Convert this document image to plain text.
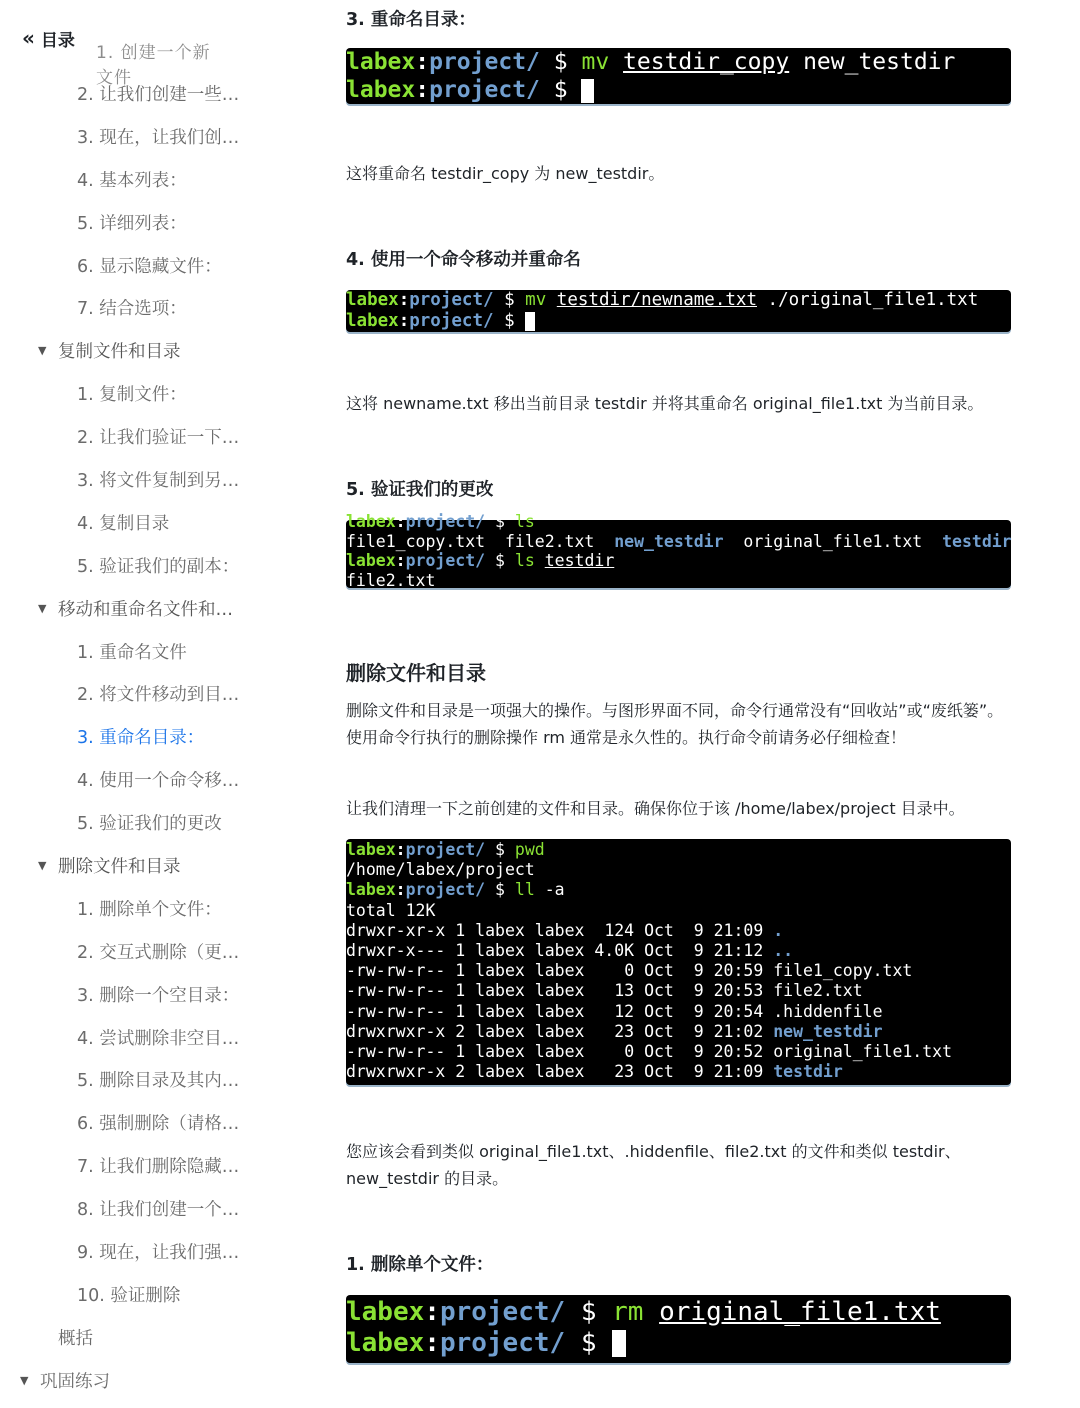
« 目录
1. 创建一个新文件
2. 让我们创建一些…
3. 现在，让我们创…
4. 基本列表：
5. 详细列表：
6. 显示隐藏文件：
7. 结合选项：
▼ 复制文件和目录
1. 复制文件：
2. 让我们验证一下…
3. 将文件复制到另…
4. 复制目录
5. 验证我们的副本：
▼ 移动和重命名文件和…
1. 重命名文件
2. 将文件移动到目…
3. 重命名目录：
4. 使用一个命令移…
5. 验证我们的更改
▼ 删除文件和目录
1. 删除单个文件：
2. 交互式删除（更…
3. 删除一个空目录：
4. 尝试删除非空目…
5. 删除目录及其内…
6. 强制删除（请格…
7. 让我们删除隐藏…
8. 让我们创建一个…
9. 现在，让我们强…
10. 验证删除
概括
▼ 巩固练习
3. 重命名目录：
labex:project/ $ mv testdir_copy new_testdir
labex:project/ $
这将重命名 testdir_copy 为 new_testdir。
4. 使用一个命令移动并重命名
labex:project/ $ mv testdir/newname.txt ./original_file1.txt
labex:project/ $
这将 newname.txt 移出当前目录 testdir 并将其重命名 original_file1.txt 为当前目录。
5. 验证我们的更改
labex:project/ $ ls
file1_copy.txt file2.txt new_testdir original_file1.txt testdir
labex:project/ $ ls testdir
file2.txt
删除文件和目录
删除文件和目录是一项强大的操作。与图形界面不同，命令行通常没有“回收站”或“废纸篓”。使用命令行执行的删除操作 rm 通常是永久性的。执行命令前请务必仔细检查！
让我们清理一下之前创建的文件和目录。确保你位于该 /home/labex/project 目录中。
labex:project/ $ pwd
/home/labex/project
labex:project/ $ ll -a
total 12K
drwxr-xr-x 1 labex labex 124 Oct 9 21:09 .
drwxr-x--- 1 labex labex 4.0K Oct 9 21:12 ..
-rw-rw-r-- 1 labex labex 0 Oct 9 20:59 file1_copy.txt
-rw-rw-r-- 1 labex labex 13 Oct 9 20:53 file2.txt
-rw-rw-r-- 1 labex labex 12 Oct 9 20:54 .hiddenfile
drwxrwxr-x 2 labex labex 23 Oct 9 21:02 new_testdir
-rw-rw-r-- 1 labex labex 0 Oct 9 20:52 original_file1.txt
drwxrwxr-x 2 labex labex 23 Oct 9 21:09 testdir
您应该会看到类似 original_file1.txt、.hiddenfile、file2.txt 的文件和类似 testdir、new_testdir 的目录。
1. 删除单个文件：
labex:project/ $ rm original_file1.txt
labex:project/ $
